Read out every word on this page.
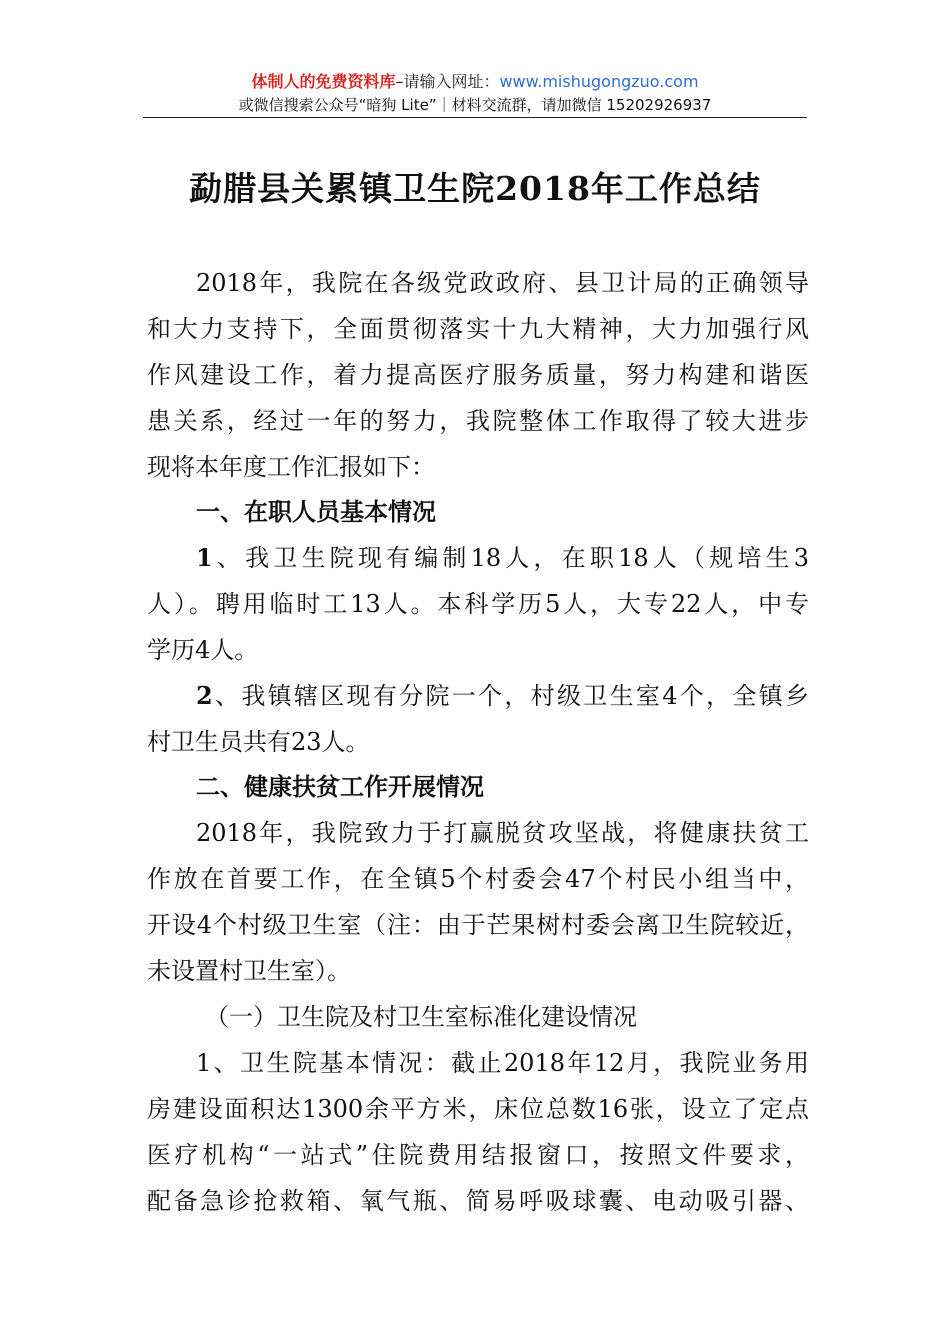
体制人的免费资料库–请输入网址：www.mishugongzuo.com
或微信搜索公众号“暗狗 Lite”｜材料交流群，请加微信 15202926937
勐腊县关累镇卫生院2018年工作总结
2018年，我院在各级党政政府、县卫计局的正确领导
和大力支持下，全面贯彻落实十九大精神，大力加强行风
作风建设工作，着力提高医疗服务质量，努力构建和谐医
患关系，经过一年的努力，我院整体工作取得了较大进步
现将本年度工作汇报如下：
一、在职人员基本情况
1、我卫生院现有编制18人，在职18人（规培生3
人）。聘用临时工13人。本科学历5人，大专22人，中专
学历4人。
2、我镇辖区现有分院一个，村级卫生室4个，全镇乡
村卫生员共有23人。
二、健康扶贫工作开展情况
2018年，我院致力于打赢脱贫攻坚战，将健康扶贫工
作放在首要工作，在全镇5个村委会47个村民小组当中，
开设4个村级卫生室（注：由于芒果树村委会离卫生院较近，
未设置村卫生室）。
（一）卫生院及村卫生室标准化建设情况
1、卫生院基本情况：截止2018年12月，我院业务用
房建设面积达1300余平方米，床位总数16张，设立了定点
医疗机构“一站式”住院费用结报窗口，按照文件要求，
配备急诊抢救箱、氧气瓶、简易呼吸球囊、电动吸引器、
